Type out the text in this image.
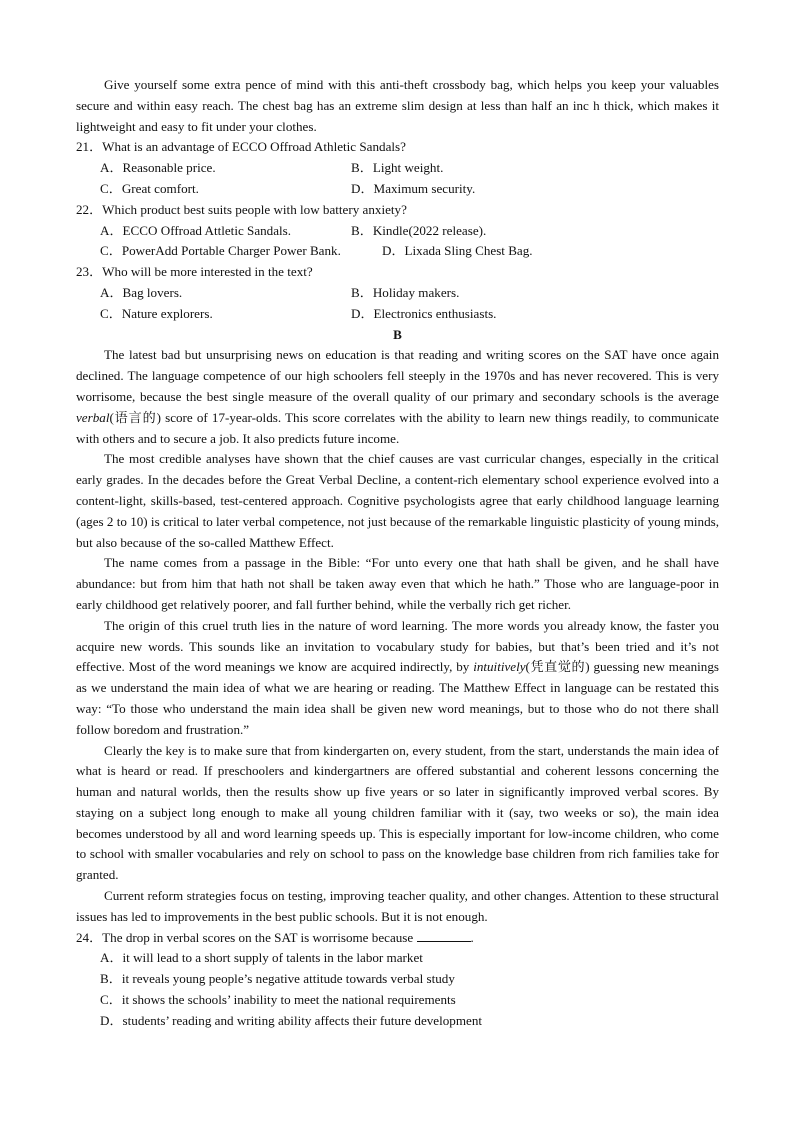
Give yourself some extra pence of mind with this anti-theft crossbody bag, which helps you keep your valuables secure and within easy reach. The chest bag has an extreme slim design at less than half an inc h thick, which makes it lightweight and easy to fit under your clothes.

21．What is an advantage of ECCO Offroad Athletic Sandals?

A．Reasonable price.	B．Light weight.
C．Great comfort.	D．Maximum security.

22．Which product best suits people with low battery anxiety?

A．ECCO Offroad Attletic Sandals.	B．Kindle(2022 release).
C．PowerAdd Portable Charger Power Bank.	D．Lixada Sling Chest Bag.

23．Who will be more interested in the text?

A．Bag lovers.	B．Holiday makers.
C．Nature explorers.	D．Electronics enthusiasts.

B

The latest bad but unsurprising news on education is that reading and writing scores on the SAT have once again declined. The language competence of our high schoolers fell steeply in the 1970s and has never recovered. This is very worrisome, because the best single measure of the overall quality of our primary and secondary schools is the average verbal(语言的) score of 17-year-olds. This score correlates with the ability to learn new things readily, to communicate with others and to secure a job. It also predicts future income.

The most credible analyses have shown that the chief causes are vast curricular changes, especially in the critical early grades. In the decades before the Great Verbal Decline, a content-rich elementary school experience evolved into a content-light, skills-based, test-centered approach. Cognitive psychologists agree that early childhood language learning (ages 2 to 10) is critical to later verbal competence, not just because of the remarkable linguistic plasticity of young minds, but also because of the so-called Matthew Effect.

The name comes from a passage in the Bible: “For unto every one that hath shall be given, and he shall have abundance: but from him that hath not shall be taken away even that which he hath.” Those who are language-poor in early childhood get relatively poorer, and fall further behind, while the verbally rich get richer.

The origin of this cruel truth lies in the nature of word learning. The more words you already know, the faster you acquire new words. This sounds like an invitation to vocabulary study for babies, but that’s been tried and it’s not effective. Most of the word meanings we know are acquired indirectly, by intuitively(凭直觉的) guessing new meanings as we understand the main idea of what we are hearing or reading. The Matthew Effect in language can be restated this way: “To those who understand the main idea shall be given new word meanings, but to those who do not there shall follow boredom and frustration.”

Clearly the key is to make sure that from kindergarten on, every student, from the start, understands the main idea of what is heard or read. If preschoolers and kindergartners are offered substantial and coherent lessons concerning the human and natural worlds, then the results show up five years or so later in significantly improved verbal scores. By staying on a subject long enough to make all young children familiar with it (say, two weeks or so), the main idea becomes understood by all and word learning speeds up. This is especially important for low-income children, who come to school with smaller vocabularies and rely on school to pass on the knowledge base children from rich families take for granted.

Current reform strategies focus on testing, improving teacher quality, and other changes. Attention to these structural issues has led to improvements in the best public schools. But it is not enough.

24．The drop in verbal scores on the SAT is worrisome because	.

A．it will lead to a short supply of talents in the labor market
B．it reveals young people’s negative attitude towards verbal study
C．it shows the schools’ inability to meet the national requirements
D．students’ reading and writing ability affects their future development
